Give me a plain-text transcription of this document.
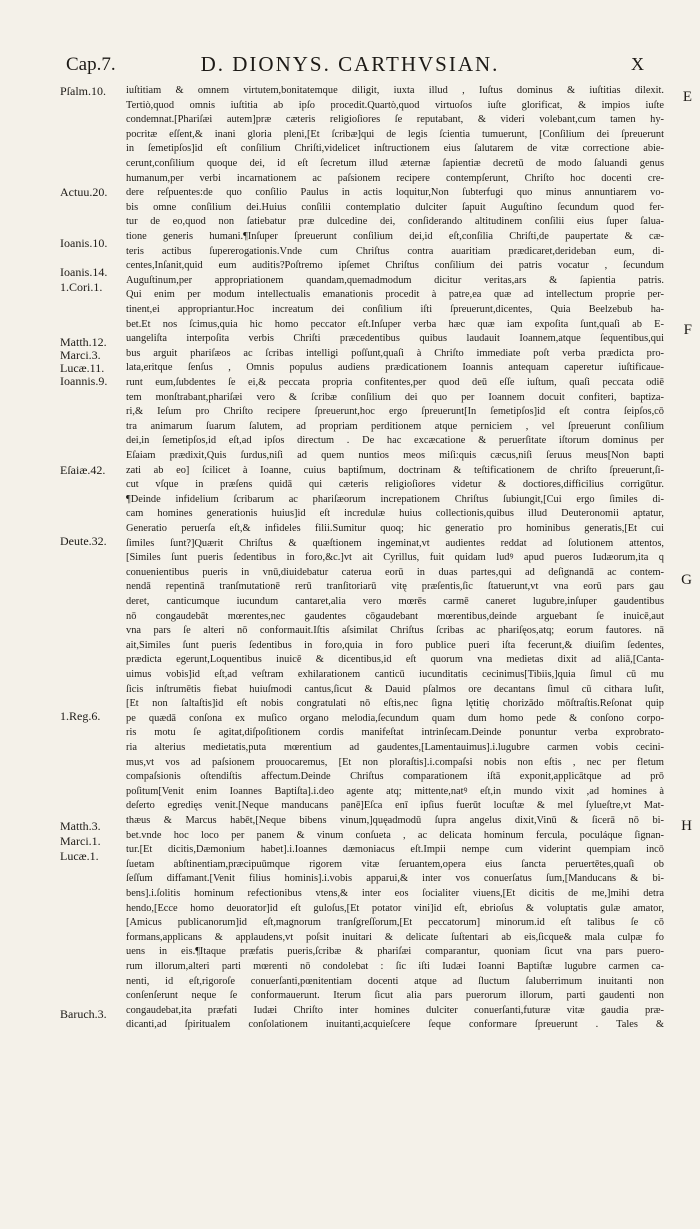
Cap.7.	D. DIONYS. CARTHVSIAN.	X
Pſalm.10.
Actuu.20.
Ioanis.10.
Ioanis.14.
1.Cori.1.
Matth.12.
Marci.3.
Lucæ.11.
Ioannis.9.
Eſaiæ.42.
Deute.32.
1.Reg.6.
Matth.3.
Marci.1.
Lucæ.1.
Baruch.3.
iuſtitiam & omnem virtutem,bonitatemque diligit, iuxta illud , Iuſtus dominus & iuſtitias dilexit.
Tertiò,quod omnis iuſtitia ab ipſo procedit.Quartò,quod virtuoſos iuſte glorificat, & impios iuſte
condemnat.[Phariſæi autem]præ cæteris religioſiores ſe reputabant, & videri volebant,cum tamen hy-
pocritæ eſſent,& inani gloria pleni,[Et ſcribæ]qui de legis ſcientia tumuerunt, [Conſilium dei ſpreuerunt
in ſemetipſos]id eſt conſilium Chriſti,videlicet inſtructionem eius ſalutarem de vitæ correctione abie-
cerunt,conſilium quoque dei, id eſt ſecretum illud æternæ ſapientiæ decretū de modo ſaluandi genus
humanum,per verbi incarnationem ac paſsionem recipere contempſerunt, Chriſto hoc docenti cre-
dere reſpuentes:de quo conſilio Paulus in actis loquitur,Non ſubterfugi quo minus annuntiarem vo-
bis omne conſilium dei.Huius conſilii contemplatio dulciter ſapuit Auguſtino ſecundum quod fer-
tur de eo,quod non ſatiebatur præ dulcedine dei, conſiderando altitudinem conſilii eius ſuper ſalua-
tione generis humani.¶Inſuper ſpreuerunt conſilium dei,id eſt,conſilia Chriſti,de paupertate & cæ-
teris actibus ſupererogationis.Vnde cum Chriſtus contra auaritiam prædicaret,derideban eum, di-
centes,Inſanit,quid eum auditis?Poſtremo ipſemet Chriſtus conſilium dei patris vocatur , ſecundum
Auguſtinum,per appropriationem quandam,quemadmodum dicitur veritas,ars & ſapientia patris.
Qui enim per modum intellectualis emanationis procedit à patre,ea quæ ad intellectum proprie per-
tinent,ei appropriantur.Hoc increatum dei conſilium iſti ſpreuerunt,dicentes, Quia Beelzebub ha-
bet.Et nos ſcimus,quia hic homo peccator eſt.Inſuper verba hæc quæ iam expoſita ſunt,quaſi ab E-
uangeliſta interpoſita verbis Chriſti præcedentibus quibus laudauit Ioannem,atque ſequentibus,qui
bus arguit phariſæos ac ſcribas intelligi poſſunt,quaſi à Chriſto immediate poſt verba prædicta pro-
lata,eritque ſenſus , Omnis populus audiens prædicationem Ioannis antequam caperetur iuſtificaue-
runt eum,ſubdentes ſe ei,& peccata propria confitentes,per quod deū eſſe iuſtum, quaſi peccata odiē
tem monſtrabant,phariſæi vero & ſcribæ conſilium dei quo per Ioannem docuit confiteri, baptiza-
ri,& Ieſum pro Chriſto recipere ſpreuerunt,hoc ergo ſpreuerunt[In ſemetipſos]id eſt contra ſeipſos,cō
tra animarum ſuarum ſalutem, ad propriam perditionem atque perniciem , vel ſpreuerunt conſilium
dei,in ſemetipſos,id eſt,ad ipſos directum . De hac excæcatione & peruerſitate iſtorum dominus per
Eſaiam prædixit,Quis ſurdus,niſi ad quem nuntios meos miſi:quis cæcus,niſi ſeruus meus[Non bapti
zati ab eo] ſcilicet à Ioanne, cuius baptiſmum, doctrinam & teſtificationem de chriſto ſpreuerunt,ſi-
cut vſque in præſens quidā qui cæteris religioſiores videtur & doctiores,difficilius corrigūtur.
¶Deinde infidelium ſcribarum ac phariſæorum increpationem Chriſtus ſubiungit,[Cui ergo ſimiles di-
cam homines generationis huius]id eſt incredulæ huius collectionis,quibus illud Deuteronomii aptatur,
Generatio peruerſa eſt,& infideles filii.Sumitur quoq; hic generatio pro hominibus generatis,[Et cui
ſimiles ſunt?]Quærit Chriſtus & quæſtionem ingeminat,vt audientes reddat ad ſolutionem attentos,
[Similes ſunt pueris ſedentibus in foro,&c.]vt ait Cyrillus, fuit quidam ludꝰ apud pueros Iudæorum,ita q
conuenientibus pueris in vnū,diuidebatur caterua eorū in duas partes,qui ad deſignandā ac contem-
nendā repentinā tranſmutationē rerū tranſitoriarū vitę præſentis,ſic ſtatuerunt,vt vna eorū pars gau
deret, canticumque iucundum cantaret,alia vero mœrēs carmē caneret lugubre,inſuper gaudentibus
nō congaudebāt mœrentes,nec gaudentes cōgaudebant mœrentibus,deinde arguebant ſe inuicē,aut
vna pars ſe alteri nō conformauit.Iſtis aſsimilat Chriſtus ſcribas ac phariſęos,atq; eorum fautores. nā
ait,Similes ſunt pueris ſedentibus in foro,quia in foro publice pueri iſta fecerunt,& diuiſim ſedentes,
prædicta egerunt,Loquentibus inuicē & dicentibus,id eſt quorum vna medietas dixit ad aliā,[Canta-
uimus vobis]id eſt,ad veſtram exhilarationem canticū iucunditatis cecinimus[Tibiis,]quia ſimul cū mu
ſicis inſtrumētis fiebat huiuſmodi cantus,ſicut & Dauid pſalmos ore decantans ſimul cū cithara luſit,
[Et non ſaltaſtis]id eſt nobis congratulati nō eſtis,nec ſigna lętitię chorizādo mōſtraſtis.Reſonat quip
pe quædā conſona ex muſico organo melodia,ſecundum quam dum homo pede & conſono corpo-
ris motu ſe agitat,diſpoſitionem cordis manifeſtat intrinſecam.Deinde ponuntur verba exprobrato-
ria alterius medietatis,puta mœrentium ad gaudentes,[Lamentauimus].i.lugubre carmen vobis cecini-
mus,vt vos ad paſsionem prouocaremus, [Et non ploraſtis].i.compaſsi nobis non eſtis , nec per fletum
compaſsionis oſtendiſtis affectum.Deinde Chriſtus comparationem iſtā exponit,applicātque ad prō
poſitum[Venit enim Ioannes Baptiſta].i.deo agente atq; mittente,natꝰ eſt,in mundo vixit ,ad homines à
deſerto egredięs venit.[Neque manducans panē]Eſca enī ipſius fuerūt locuſtæ & mel ſylueſtre,vt Mat-
thæus & Marcus habēt,[Neque bibens vinum,]quęadmodū ſupra angelus dixit,Vinū & ſicerā nō bi-
bet.vnde hoc loco per panem & vinum conſueta , ac delicata hominum fercula, poculáque ſignan-
tur.[Et dicitis,Dæmonium habet].i.Ioannes dæmoniacus eſt.Impii nempe cum viderint quempiam incō
ſuetam abſtinentiam,præcipuūmque rigorem vitæ ſeruantem,opera eius ſancta peruertētes,quaſi ob
ſeſſum diffamant.[Venit filius hominis].i.vobis apparui,& inter vos conuerſatus ſum,[Manducans & bi-
bens].i.ſolitis hominum refectionibus vtens,& inter eos ſocialiter viuens,[Et dicitis de me,]mihi detra
hendo,[Ecce homo deuorator]id eſt guloſus,[Et potator vini]id eſt, ebrioſus & voluptatis gulæ amator,
[Amicus publicanorum]id eſt,magnorum tranſgreſſorum,[Et peccatorum] minorum.id eſt talibus ſe cō
formans,applicans & applaudens,vt poſsit inuitari & delicate ſuſtentari ab eis,ſicque& mala culpæ fo
uens in eis.¶Itaque præfatis pueris,ſcribæ & phariſæi comparantur, quoniam ſicut vna pars puero-
rum illorum,alteri parti mœrenti nō condolebat : ſic iſti Iudæi Ioanni Baptiſtæ lugubre carmen ca-
nenti, id eſt,rigoroſe conuerſanti,pœnitentiam docenti atque ad ſluctum ſaluberrimum inuitanti non
conſenſerunt neque ſe conformauerunt. Iterum ſicut alia pars puerorum illorum, parti gaudenti non
congaudebat,ita præfati Iudæi Chriſto inter homines dulciter conuerſanti,futuræ vitæ gaudia præ-
dicanti,ad ſpiritualem conſolationem inuitanti,acquieſcere ſeque conformare ſpreuerunt . Tales &
E
F
G
H
